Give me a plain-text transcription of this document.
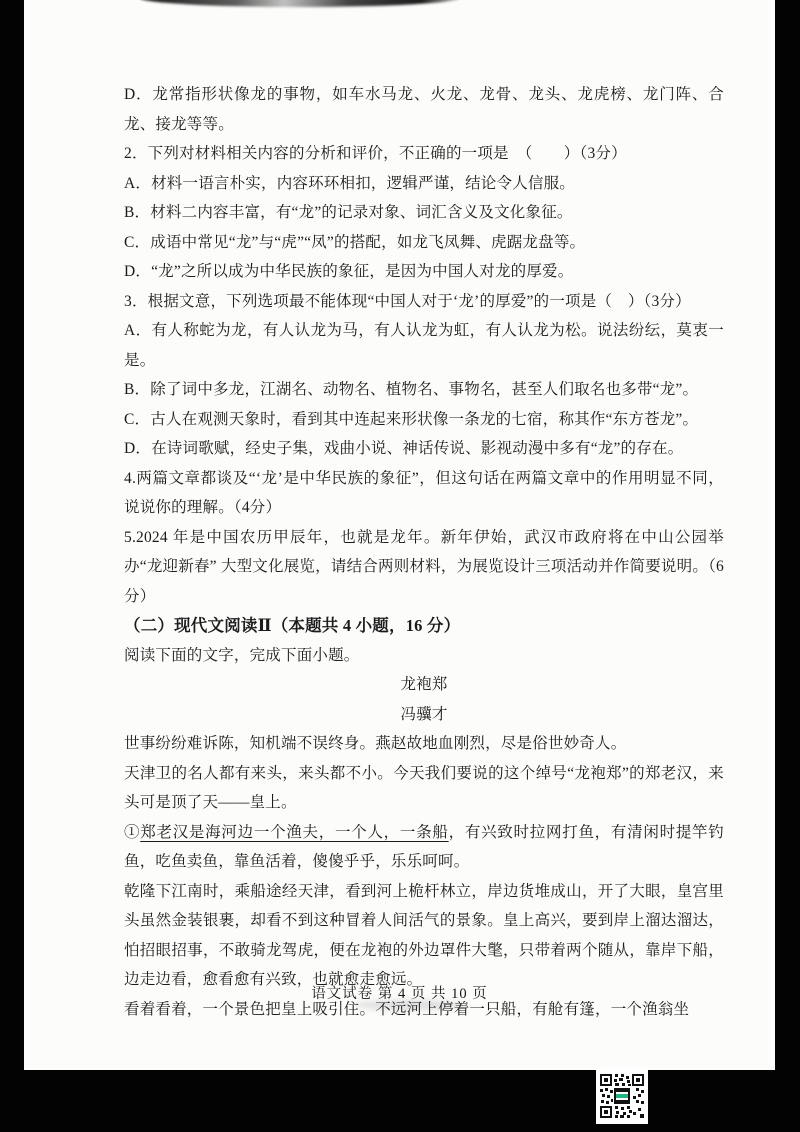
D．龙常指形状像龙的事物，如车水马龙、火龙、龙骨、龙头、龙虎榜、龙门阵、合龙、接龙等等。
2．下列对材料相关内容的分析和评价，不正确的一项是　（　　）（3分）
A．材料一语言朴实，内容环环相扣，逻辑严谨，结论令人信服。
B．材料二内容丰富，有“龙”的记录对象、词汇含义及文化象征。
C．成语中常见“龙”与“虎”“凤”的搭配，如龙飞凤舞、虎踞龙盘等。
D．“龙”之所以成为中华民族的象征，是因为中国人对龙的厚爱。
3．根据文意，下列选项最不能体现“中国人对于‘龙’的厚爱”的一项是（　）（3分）
A．有人称蛇为龙，有人认龙为马，有人认龙为虹，有人认龙为松。说法纷纭，莫衷一是。
B．除了词中多龙，江湖名、动物名、植物名、事物名，甚至人们取名也多带“龙”。
C．古人在观测天象时，看到其中连起来形状像一条龙的七宿，称其作“东方苍龙”。
D．在诗词歌赋，经史子集，戏曲小说、神话传说、影视动漫中多有“龙”的存在。
4.两篇文章都谈及“‘龙’是中华民族的象征”，但这句话在两篇文章中的作用明显不同，说说你的理解。（4分）
5.2024 年是中国农历甲辰年，也就是龙年。新年伊始，武汉市政府将在中山公园举办“龙迎新春” 大型文化展览，请结合两则材料，为展览设计三项活动并作简要说明。（6 分）
（二）现代文阅读Ⅱ（本题共 4 小题，16 分）
阅读下面的文字，完成下面小题。
龙袍郑
冯骥才
世事纷纷难诉陈，知机端不误终身。燕赵故地血刚烈，尽是俗世妙奇人。
天津卫的名人都有来头，来头都不小。今天我们要说的这个绰号“龙袍郑”的郑老汉，来头可是顶了天——皇上。
①郑老汉是海河边一个渔夫，一个人，一条船，有兴致时拉网打鱼，有清闲时提竿钓鱼，吃鱼卖鱼，靠鱼活着，傻傻乎乎，乐乐呵呵。
乾隆下江南时，乘船途经天津，看到河上桅杆林立，岸边货堆成山，开了大眼，皇宫里头虽然金装银裹，却看不到这种冒着人间活气的景象。皇上高兴，要到岸上溜达溜达，怕招眼招事，不敢骑龙驾虎，便在龙袍的外边罩件大氅，只带着两个随从，靠岸下船，边走边看，愈看愈有兴致，也就愈走愈远。
看着看着，一个景色把皇上吸引住。不远河上停着一只船，有舱有篷，一个渔翁坐
语文试卷 第 4 页 共 10 页
